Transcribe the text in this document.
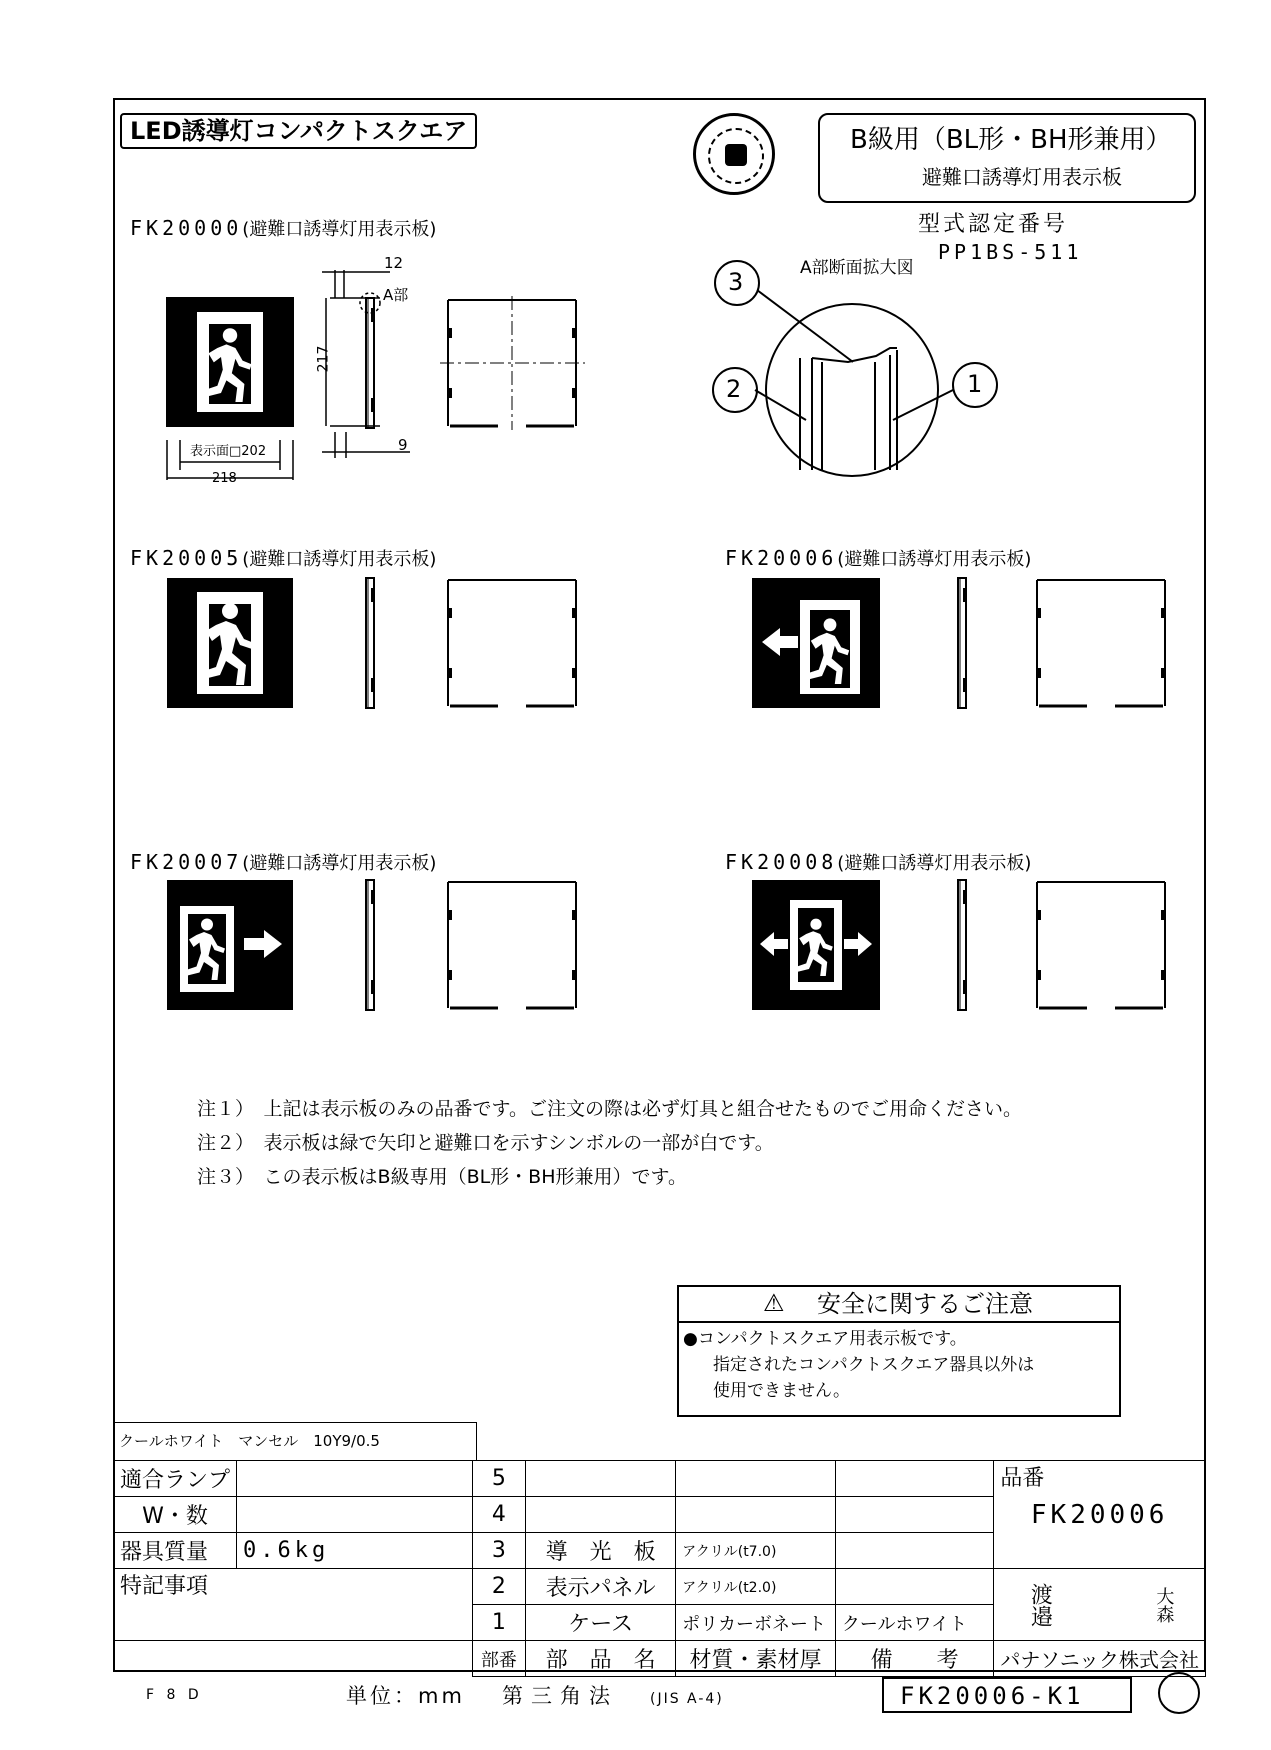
LED誘導灯コンパクトスクエア	B級用（BL形・BH形兼用）
避難口誘導灯用表示板
型式認定番号
PP1BS-511
FK20000(避難口誘導灯用表示板)
FK20005(避難口誘導灯用表示板)	FK20006(避難口誘導灯用表示板)
FK20007(避難口誘導灯用表示板)	FK20008(避難口誘導灯用表示板)
A部断面拡大図
12
A部
217
9
表示面□202
218
3
2	1
注１）　 上記は表示板のみの品番です。ご注文の際は必ず灯具と組合せたものでご用命ください。
注２）　 表示板は緑で矢印と避難口を示すシンボルの一部が白です。
注３）　 この表示板はB級専用（BL形・BH形兼用）です。
⚠ 安全に関するご注意
●コンパクトスクエア用表示板です。
指定されたコンパクトスクエア器具以外は
使用できません。
クールホワイト　マンセル　10Y9/0.5
適合ランプ		5				品番
FK20006

W・数		4				
器具質量	0.6kg	3	導　光　板	アクリル(t7.0)		
特記事項		2	表示パネル	アクリル(t2.0)		渡邉 大森

		1	ケース	ポリカーボネート	クールホワイト	
		部番	部　品　名	材質・素材厚	備　　考	パナソニック株式会社
F 8 D	単位：mm 第三角法 (JIS A-4)	FK20006-K1
